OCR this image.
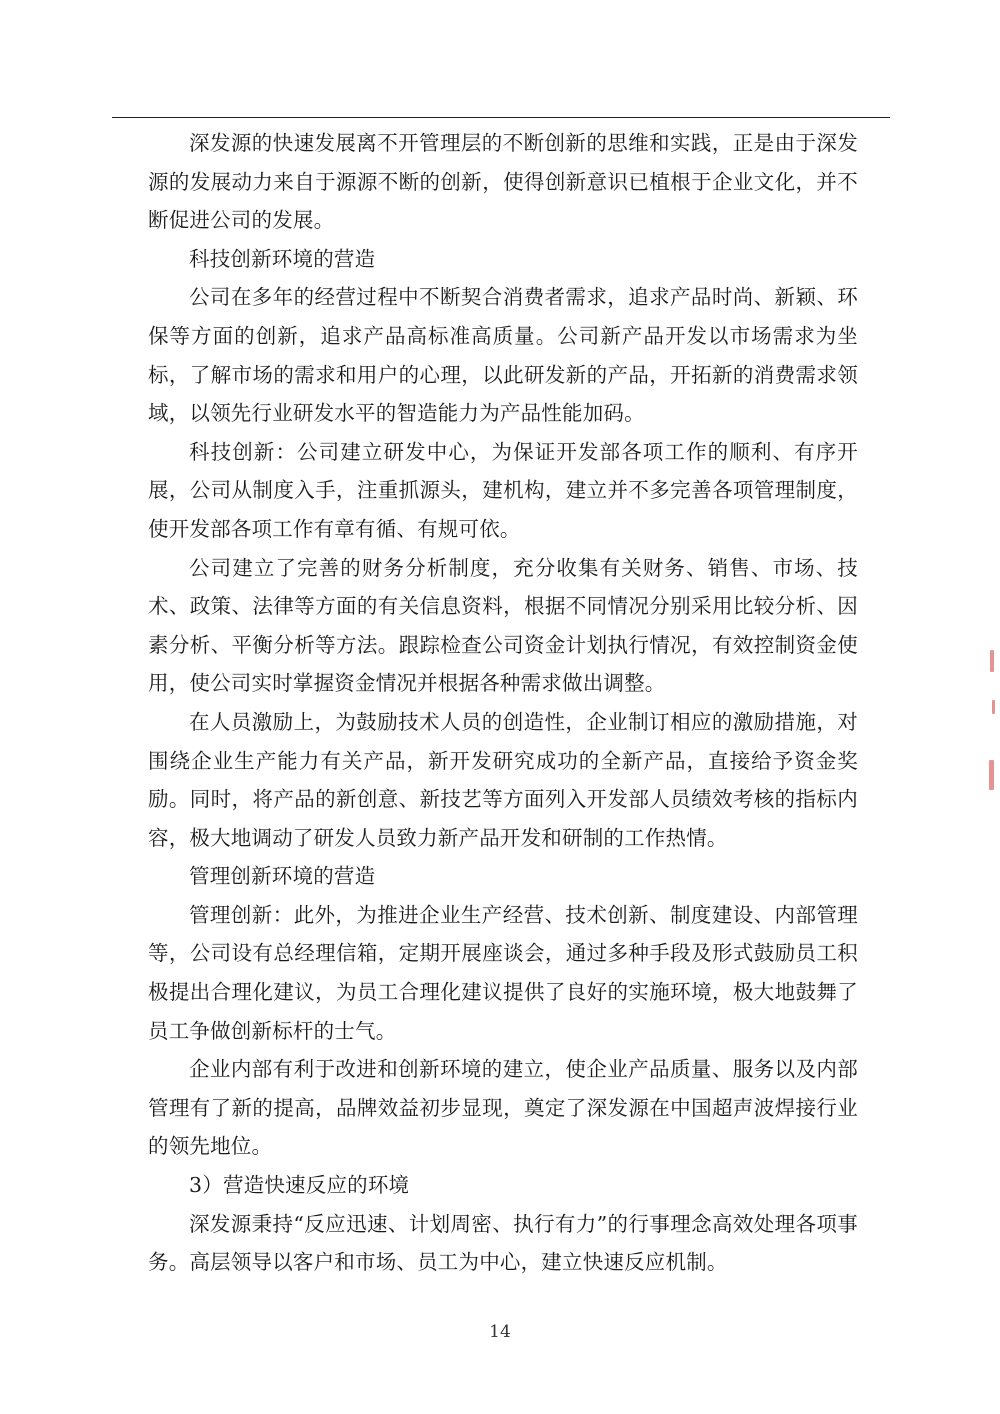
深发源的快速发展离不开管理层的不断创新的思维和实践，正是由于深发源的发展动力来自于源源不断的创新，使得创新意识已植根于企业文化，并不断促进公司的发展。

科技创新环境的营造

公司在多年的经营过程中不断契合消费者需求，追求产品时尚、新颖、环保等方面的创新，追求产品高标准高质量。公司新产品开发以市场需求为坐标，了解市场的需求和用户的心理，以此研发新的产品，开拓新的消费需求领域，以领先行业研发水平的智造能力为产品性能加码。

科技创新：公司建立研发中心，为保证开发部各项工作的顺利、有序开展，公司从制度入手，注重抓源头，建机构，建立并不多完善各项管理制度，使开发部各项工作有章有循、有规可依。

公司建立了完善的财务分析制度，充分收集有关财务、销售、市场、技术、政策、法律等方面的有关信息资料，根据不同情况分别采用比较分析、因素分析、平衡分析等方法。跟踪检查公司资金计划执行情况，有效控制资金使用，使公司实时掌握资金情况并根据各种需求做出调整。

在人员激励上，为鼓励技术人员的创造性，企业制订相应的激励措施，对围绕企业生产能力有关产品，新开发研究成功的全新产品，直接给予资金奖励。同时，将产品的新创意、新技艺等方面列入开发部人员绩效考核的指标内容，极大地调动了研发人员致力新产品开发和研制的工作热情。

管理创新环境的营造

管理创新：此外，为推进企业生产经营、技术创新、制度建设、内部管理等，公司设有总经理信箱，定期开展座谈会，通过多种手段及形式鼓励员工积极提出合理化建议，为员工合理化建议提供了良好的实施环境，极大地鼓舞了员工争做创新标杆的士气。

企业内部有利于改进和创新环境的建立，使企业产品质量、服务以及内部管理有了新的提高，品牌效益初步显现，奠定了深发源在中国超声波焊接行业的领先地位。

3）营造快速反应的环境

深发源秉持“反应迅速、计划周密、执行有力”的行事理念高效处理各项事务。高层领导以客户和市场、员工为中心，建立快速反应机制。

14
